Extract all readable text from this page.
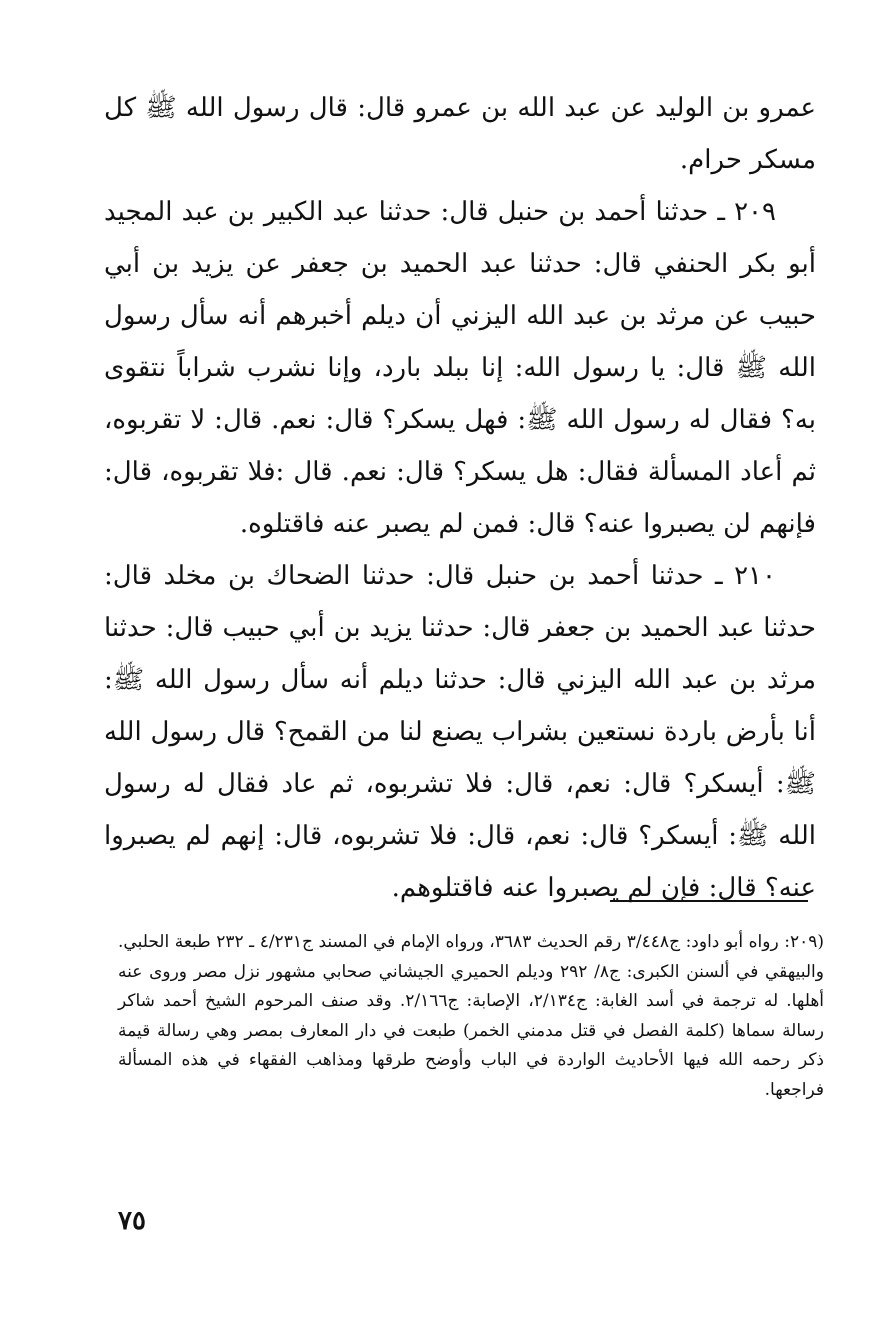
عمرو بن الوليد عن عبد الله بن عمرو قال: قال رسول الله ﷺ كل مسكر حرام.

٢٠٩ ـ حدثنا أحمد بن حنبل قال: حدثنا عبد الكبير بن عبد المجيد أبو بكر الحنفي قال: حدثنا عبد الحميد بن جعفر عن يزيد بن أبي حبيب عن مرثد بن عبد الله اليزني أن ديلم أخبرهم أنه سأل رسول الله ﷺ قال: يا رسول الله: إنا ببلد بارد، وإنا نشرب شراباً نتقوى به؟ فقال له رسول الله ﷺ: فهل يسكر؟ قال: نعم. قال: لا تقربوه، ثم أعاد المسألة فقال: هل يسكر؟ قال: نعم. قال :فلا تقربوه، قال: فإنهم لن يصبروا عنه؟ قال: فمن لم يصبر عنه فاقتلوه.

٢١٠ ـ حدثنا أحمد بن حنبل قال: حدثنا الضحاك بن مخلد قال: حدثنا عبد الحميد بن جعفر قال: حدثنا يزيد بن أبي حبيب قال: حدثنا مرثد بن عبد الله اليزني قال: حدثنا ديلم أنه سأل رسول الله ﷺ: أنا بأرض باردة نستعين بشراب يصنع لنا من القمح؟ قال رسول الله ﷺ: أيسكر؟ قال: نعم، قال: فلا تشربوه، ثم عاد فقال له رسول الله ﷺ: أيسكر؟ قال: نعم، قال: فلا تشربوه، قال: إنهم لم يصبروا عنه؟ قال: فإن لم يصبروا عنه فاقتلوهم.

(٢٠٩: رواه أبو داود: ج٣/٤٤٨ رقم الحديث ٣٦٨٣، ورواه الإمام في المسند ج٤/٢٣١ ـ ٢٣٢ طبعة الحلبي. والبيهقي في ألسنن الكبرى: ج٨/ ٢٩٢ وديلم الحميري الجيشاني صحابي مشهور نزل مصر وروى عنه أهلها. له ترجمة في أسد الغابة: ج٢/١٣٤، الإصابة: ج٢/١٦٦. وقد صنف المرحوم الشيخ أحمد شاكر رسالة سماها (كلمة الفصل في قتل مدمني الخمر) طبعت في دار المعارف بمصر وهي رسالة قيمة ذكر رحمه الله فيها الأحاديث الواردة في الباب وأوضح طرقها ومذاهب الفقهاء في هذه المسألة فراجعها.

٧٥
